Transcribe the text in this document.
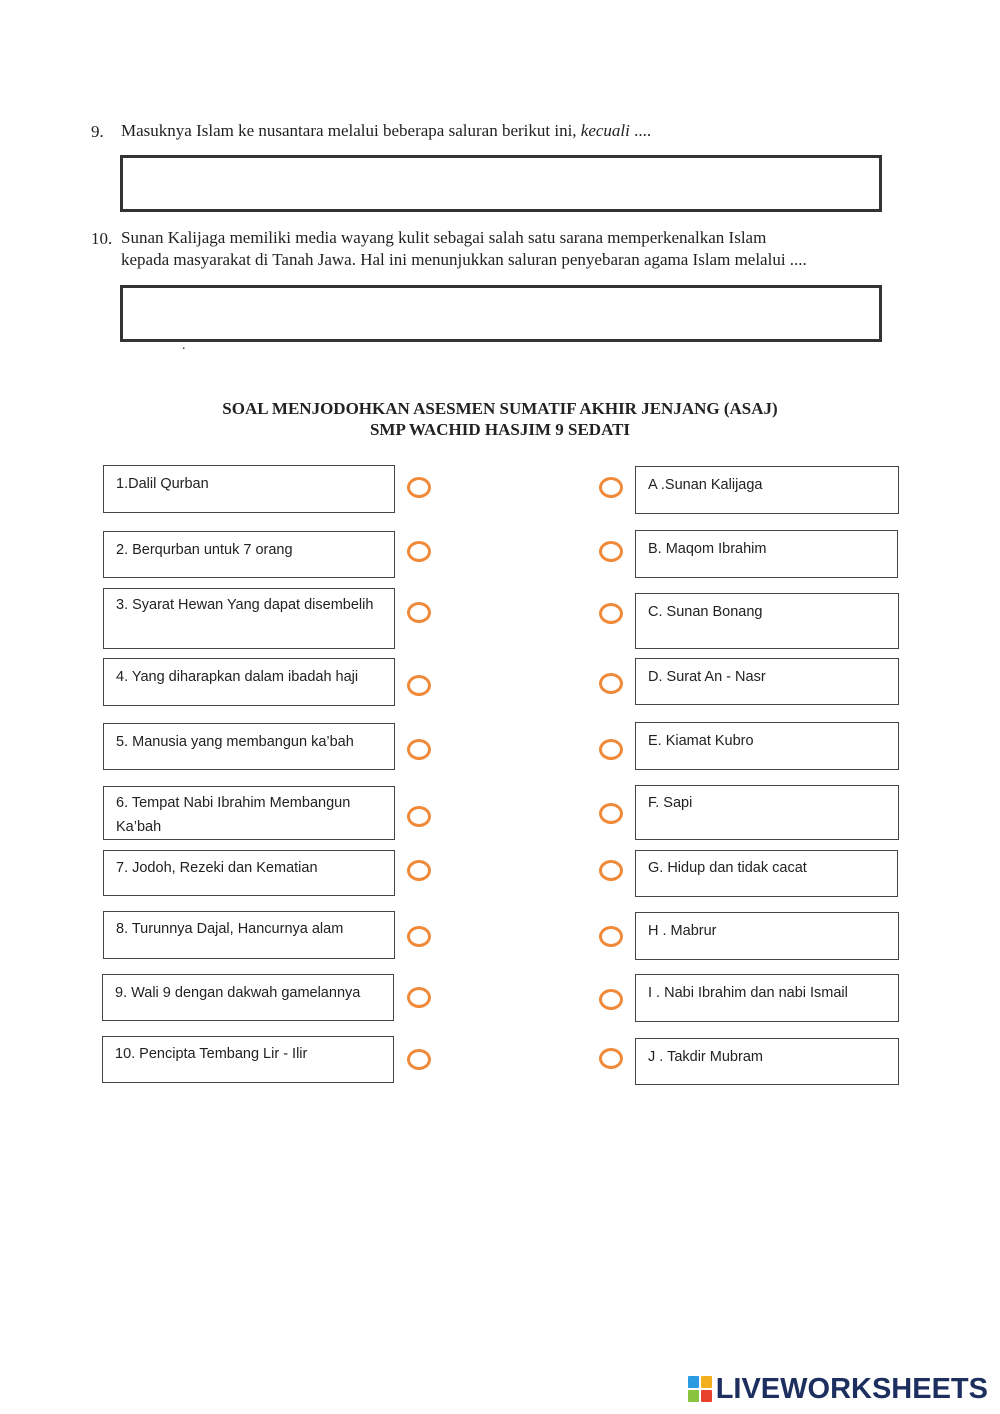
9. Masuknya Islam ke nusantara melalui beberapa saluran berikut ini, kecuali ....
10. Sunan Kalijaga memiliki media wayang kulit sebagai salah satu sarana memperkenalkan Islam
kepada masyarakat di Tanah Jawa. Hal ini menunjukkan saluran penyebaran agama Islam melalui ....
.
SOAL MENJODOHKAN ASESMEN SUMATIF AKHIR JENJANG (ASAJ)
SMP WACHID HASJIM 9 SEDATI
1.Dalil Qurban
2. Berqurban untuk 7 orang
3. Syarat Hewan Yang dapat disembelih
4. Yang diharapkan dalam ibadah haji
5. Manusia yang membangun ka’bah
6. Tempat Nabi Ibrahim Membangun Ka’bah
7. Jodoh, Rezeki dan Kematian
8. Turunnya Dajal, Hancurnya alam
9. Wali 9 dengan dakwah gamelannya
10. Pencipta Tembang Lir - Ilir
A .Sunan Kalijaga
B. Maqom Ibrahim
C. Sunan Bonang
D. Surat An - Nasr
E. Kiamat Kubro
F. Sapi
G. Hidup dan tidak cacat
H . Mabrur
I . Nabi Ibrahim dan nabi Ismail
J . Takdir Mubram
LIVEWORKSHEETS
